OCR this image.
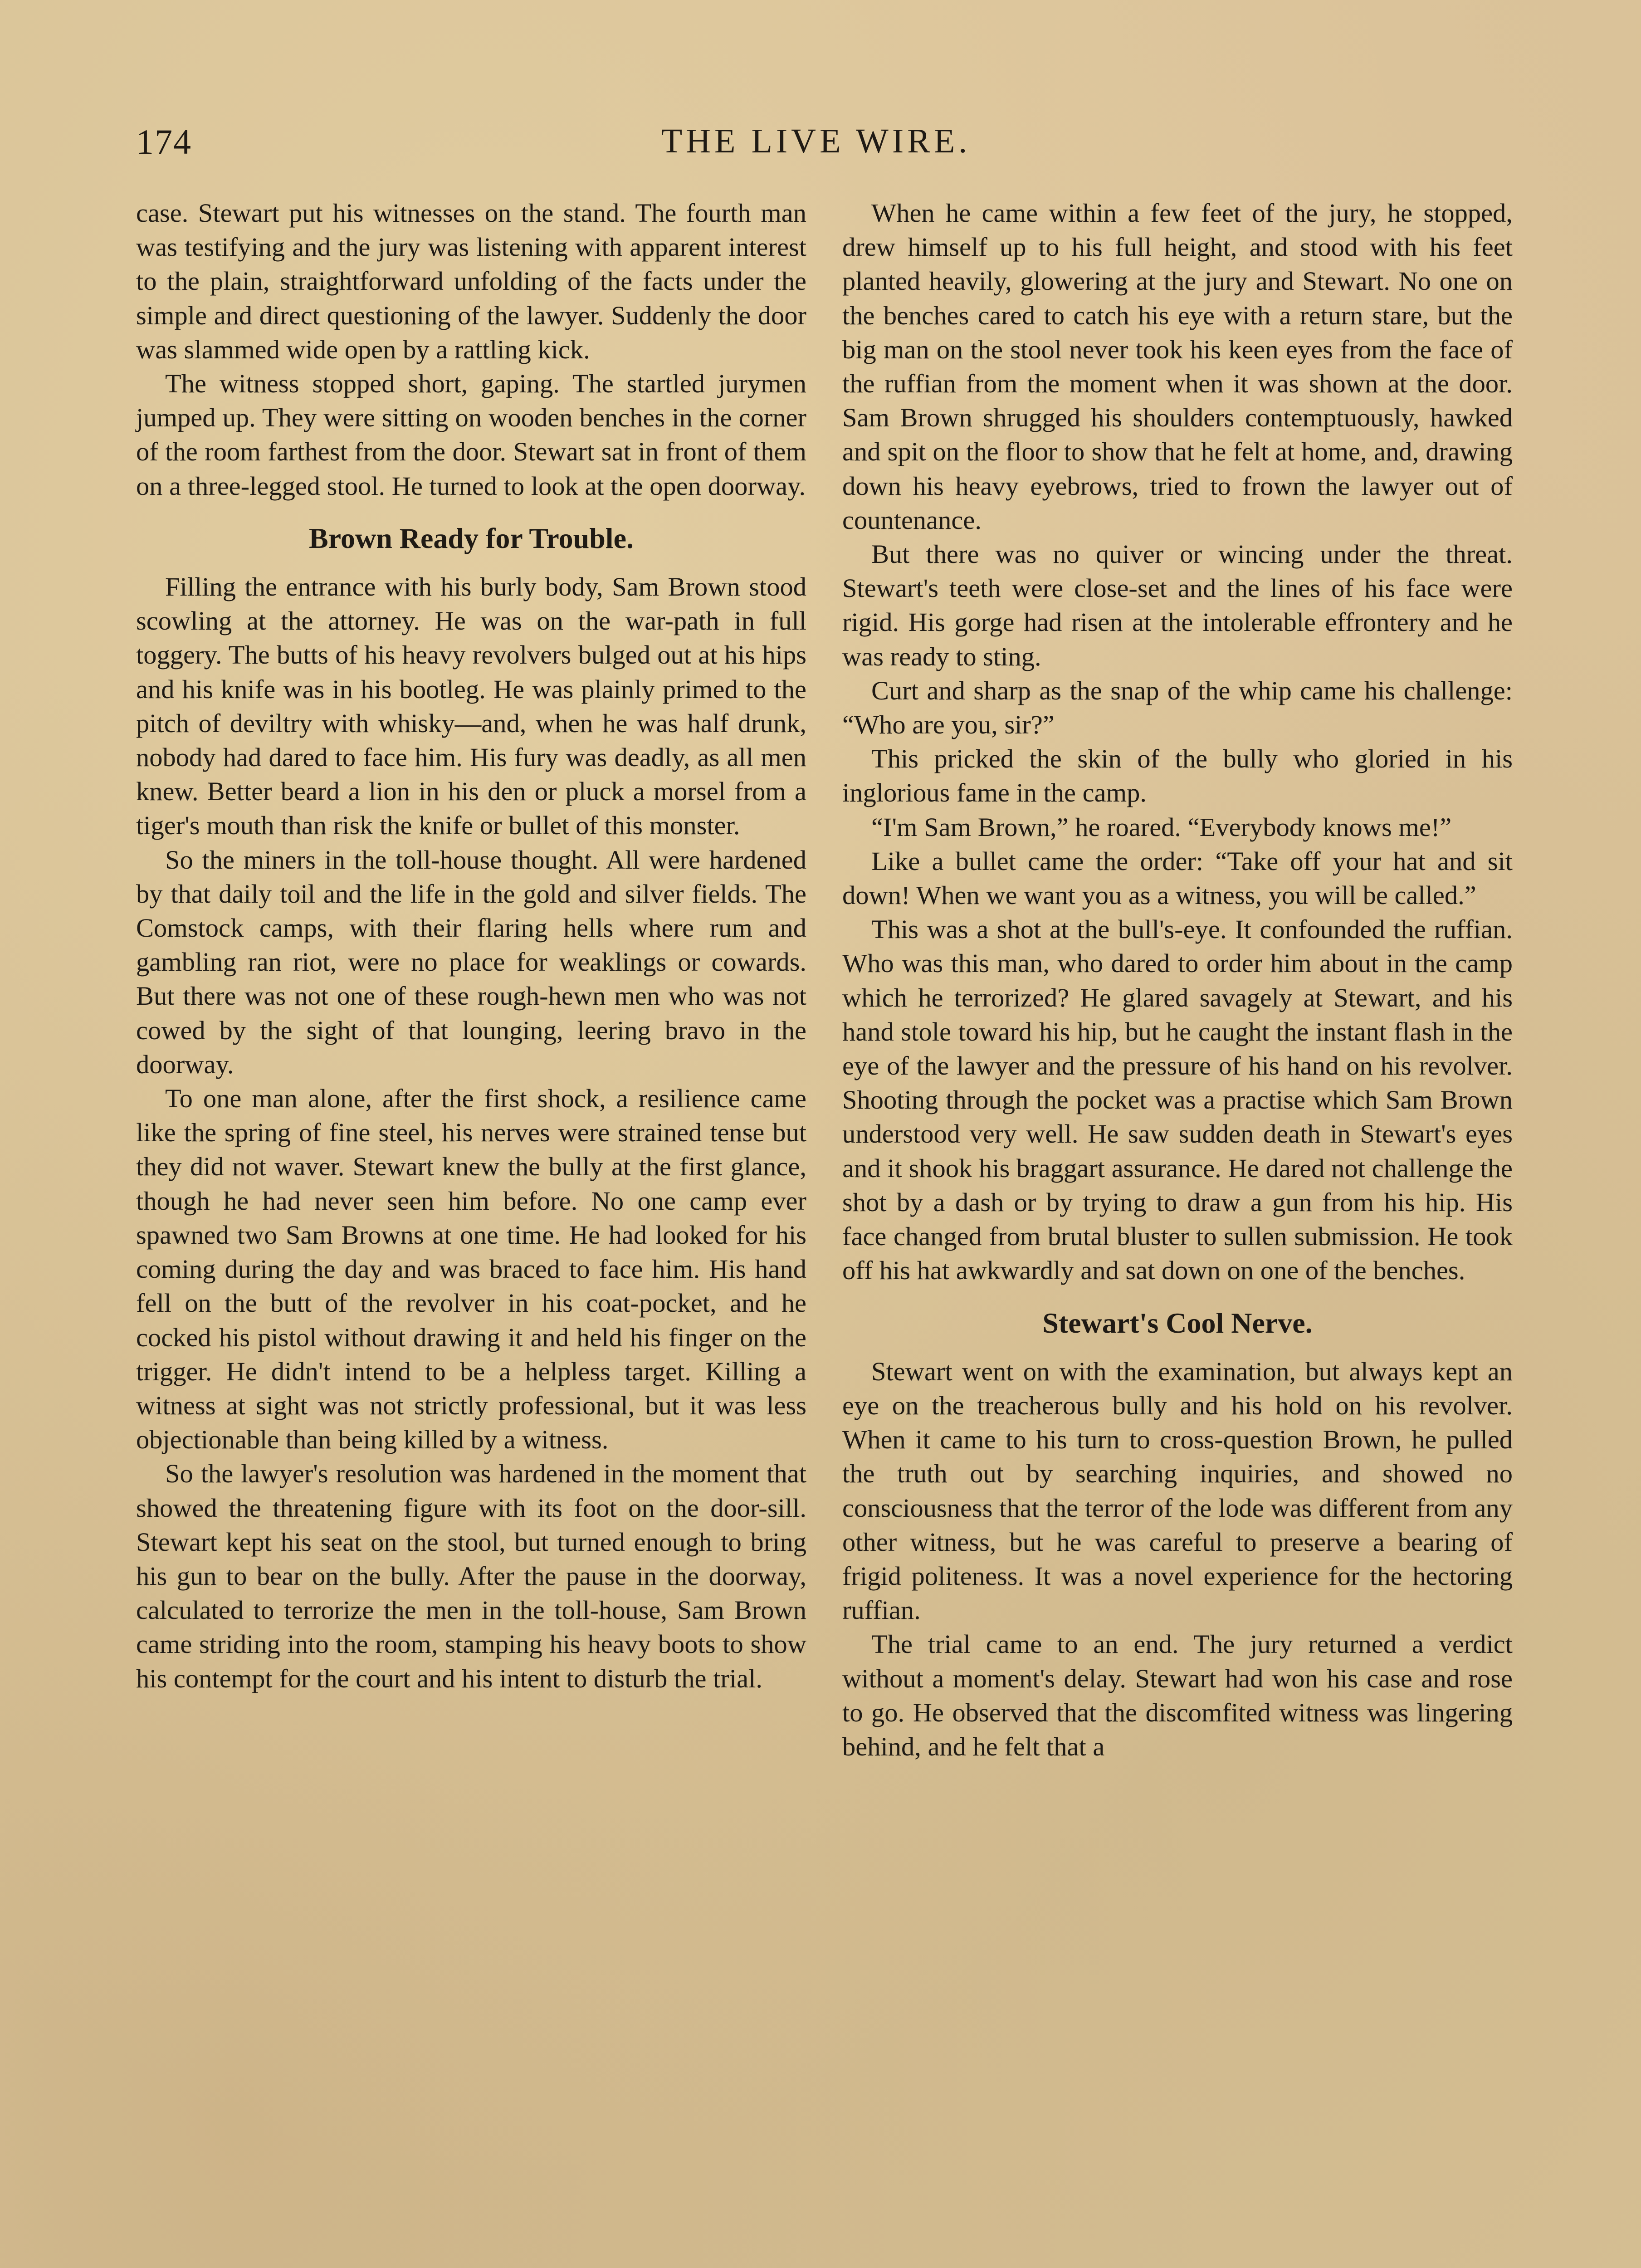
174	THE LIVE WIRE.

case. Stewart put his witnesses on the stand. The fourth man was testifying and the jury was listening with apparent interest to the plain, straightforward unfolding of the facts under the simple and direct questioning of the lawyer. Suddenly the door was slammed wide open by a rattling kick.

The witness stopped short, gaping. The startled jurymen jumped up. They were sitting on wooden benches in the corner of the room farthest from the door. Stewart sat in front of them on a three-legged stool. He turned to look at the open doorway.

Brown Ready for Trouble.

Filling the entrance with his burly body, Sam Brown stood scowling at the attorney. He was on the war-path in full toggery. The butts of his heavy revolvers bulged out at his hips and his knife was in his bootleg. He was plainly primed to the pitch of deviltry with whisky—and, when he was half drunk, nobody had dared to face him. His fury was deadly, as all men knew. Better beard a lion in his den or pluck a morsel from a tiger's mouth than risk the knife or bullet of this monster.

So the miners in the toll-house thought. All were hardened by that daily toil and the life in the gold and silver fields. The Comstock camps, with their flaring hells where rum and gambling ran riot, were no place for weaklings or cowards. But there was not one of these rough-hewn men who was not cowed by the sight of that lounging, leering bravo in the doorway.

To one man alone, after the first shock, a resilience came like the spring of fine steel, his nerves were strained tense but they did not waver. Stewart knew the bully at the first glance, though he had never seen him before. No one camp ever spawned two Sam Browns at one time. He had looked for his coming during the day and was braced to face him. His hand fell on the butt of the revolver in his coat-pocket, and he cocked his pistol without drawing it and held his finger on the trigger. He didn't intend to be a helpless target. Killing a witness at sight was not strictly professional, but it was less objectionable than being killed by a witness.

So the lawyer's resolution was hardened in the moment that showed the threatening figure with its foot on the door-sill. Stewart kept his seat on the stool, but turned enough to bring his gun to bear on the bully. After the pause in the doorway, calculated to terrorize the men in the toll-house, Sam Brown came striding into the room, stamping his heavy boots to show his contempt for the court and his intent to disturb the trial.

When he came within a few feet of the jury, he stopped, drew himself up to his full height, and stood with his feet planted heavily, glowering at the jury and Stewart. No one on the benches cared to catch his eye with a return stare, but the big man on the stool never took his keen eyes from the face of the ruffian from the moment when it was shown at the door. Sam Brown shrugged his shoulders contemptuously, hawked and spit on the floor to show that he felt at home, and, drawing down his heavy eyebrows, tried to frown the lawyer out of countenance.

But there was no quiver or wincing under the threat. Stewart's teeth were close-set and the lines of his face were rigid. His gorge had risen at the intolerable effrontery and he was ready to sting.

Curt and sharp as the snap of the whip came his challenge: “Who are you, sir?”

This pricked the skin of the bully who gloried in his inglorious fame in the camp.

“I'm Sam Brown,” he roared. “Everybody knows me!”

Like a bullet came the order: “Take off your hat and sit down! When we want you as a witness, you will be called.”

This was a shot at the bull's-eye. It confounded the ruffian. Who was this man, who dared to order him about in the camp which he terrorized? He glared savagely at Stewart, and his hand stole toward his hip, but he caught the instant flash in the eye of the lawyer and the pressure of his hand on his revolver. Shooting through the pocket was a practise which Sam Brown understood very well. He saw sudden death in Stewart's eyes and it shook his braggart assurance. He dared not challenge the shot by a dash or by trying to draw a gun from his hip. His face changed from brutal bluster to sullen submission. He took off his hat awkwardly and sat down on one of the benches.

Stewart's Cool Nerve.

Stewart went on with the examination, but always kept an eye on the treacherous bully and his hold on his revolver. When it came to his turn to cross-question Brown, he pulled the truth out by searching inquiries, and showed no consciousness that the terror of the lode was different from any other witness, but he was careful to preserve a bearing of frigid politeness. It was a novel experience for the hectoring ruffian.

The trial came to an end. The jury returned a verdict without a moment's delay. Stewart had won his case and rose to go. He observed that the discomfited witness was lingering behind, and he felt that a
